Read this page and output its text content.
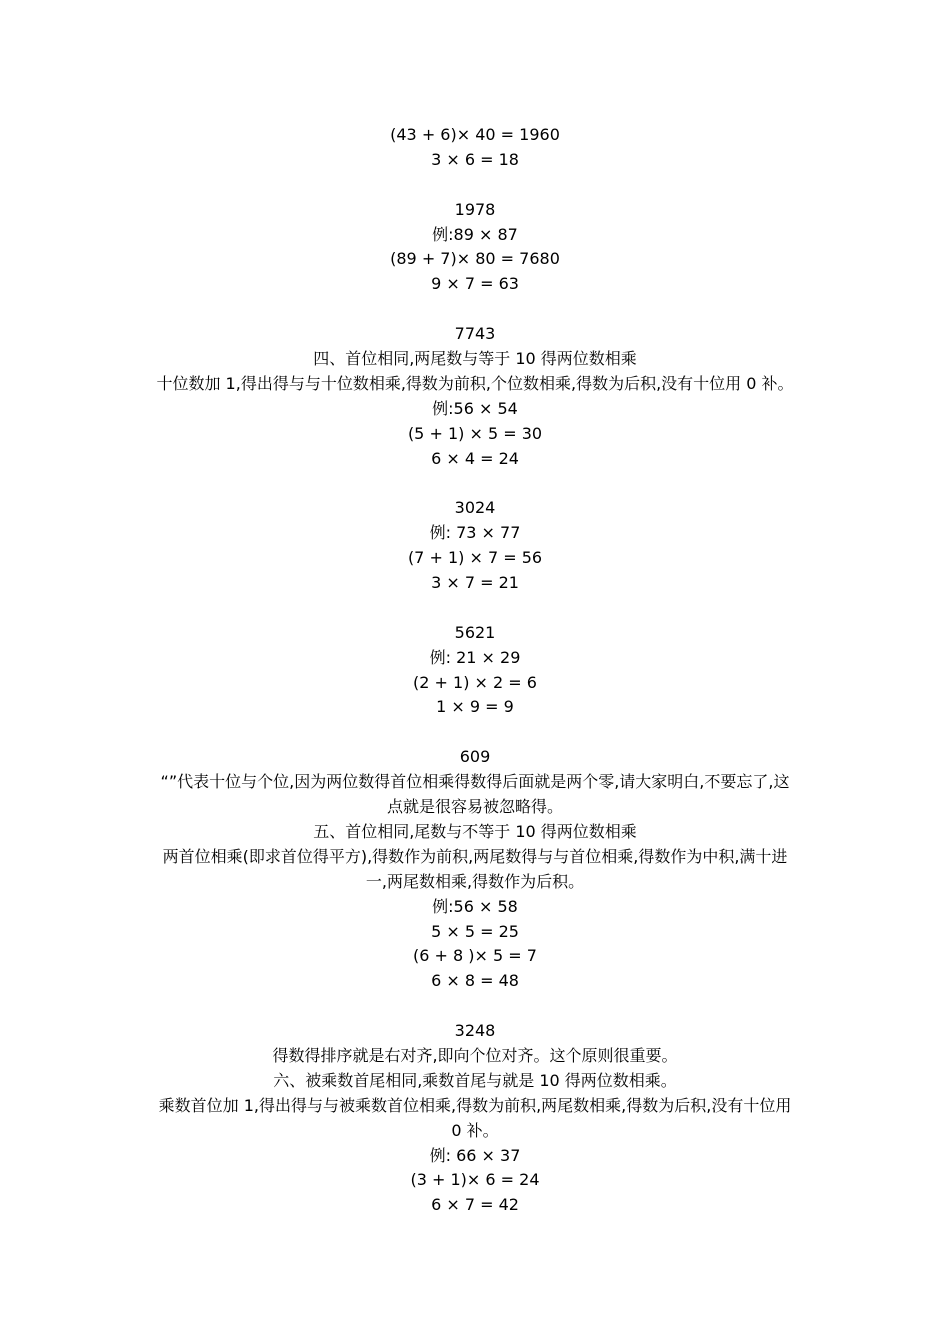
(43 + 6)× 40 = 1960
3 × 6 = 18
1978
例:89 × 87
(89 + 7)× 80 = 7680
9 × 7 = 63
7743
四、首位相同,两尾数与等于 10 得两位数相乘
十位数加 1,得出得与与十位数相乘,得数为前积,个位数相乘,得数为后积,没有十位用 0 补。
例:56 × 54
(5 + 1) × 5 = 30
6 × 4 = 24
3024
例: 73 × 77
(7 + 1) × 7 = 56
3 × 7 = 21
5621
例: 21 × 29
(2 + 1) × 2 = 6
1 × 9 = 9
609
“”代表十位与个位,因为两位数得首位相乘得数得后面就是两个零,请大家明白,不要忘了,这
点就是很容易被忽略得。
五、首位相同,尾数与不等于 10 得两位数相乘
两首位相乘(即求首位得平方),得数作为前积,两尾数得与与首位相乘,得数作为中积,满十进
一,两尾数相乘,得数作为后积。
例:56 × 58
5 × 5 = 25
(6 + 8 )× 5 = 7
6 × 8 = 48
3248
得数得排序就是右对齐,即向个位对齐。这个原则很重要。
六、被乘数首尾相同,乘数首尾与就是 10 得两位数相乘。
乘数首位加 1,得出得与与被乘数首位相乘,得数为前积,两尾数相乘,得数为后积,没有十位用
0 补。
例: 66 × 37
(3 + 1)× 6 = 24
6 × 7 = 42
